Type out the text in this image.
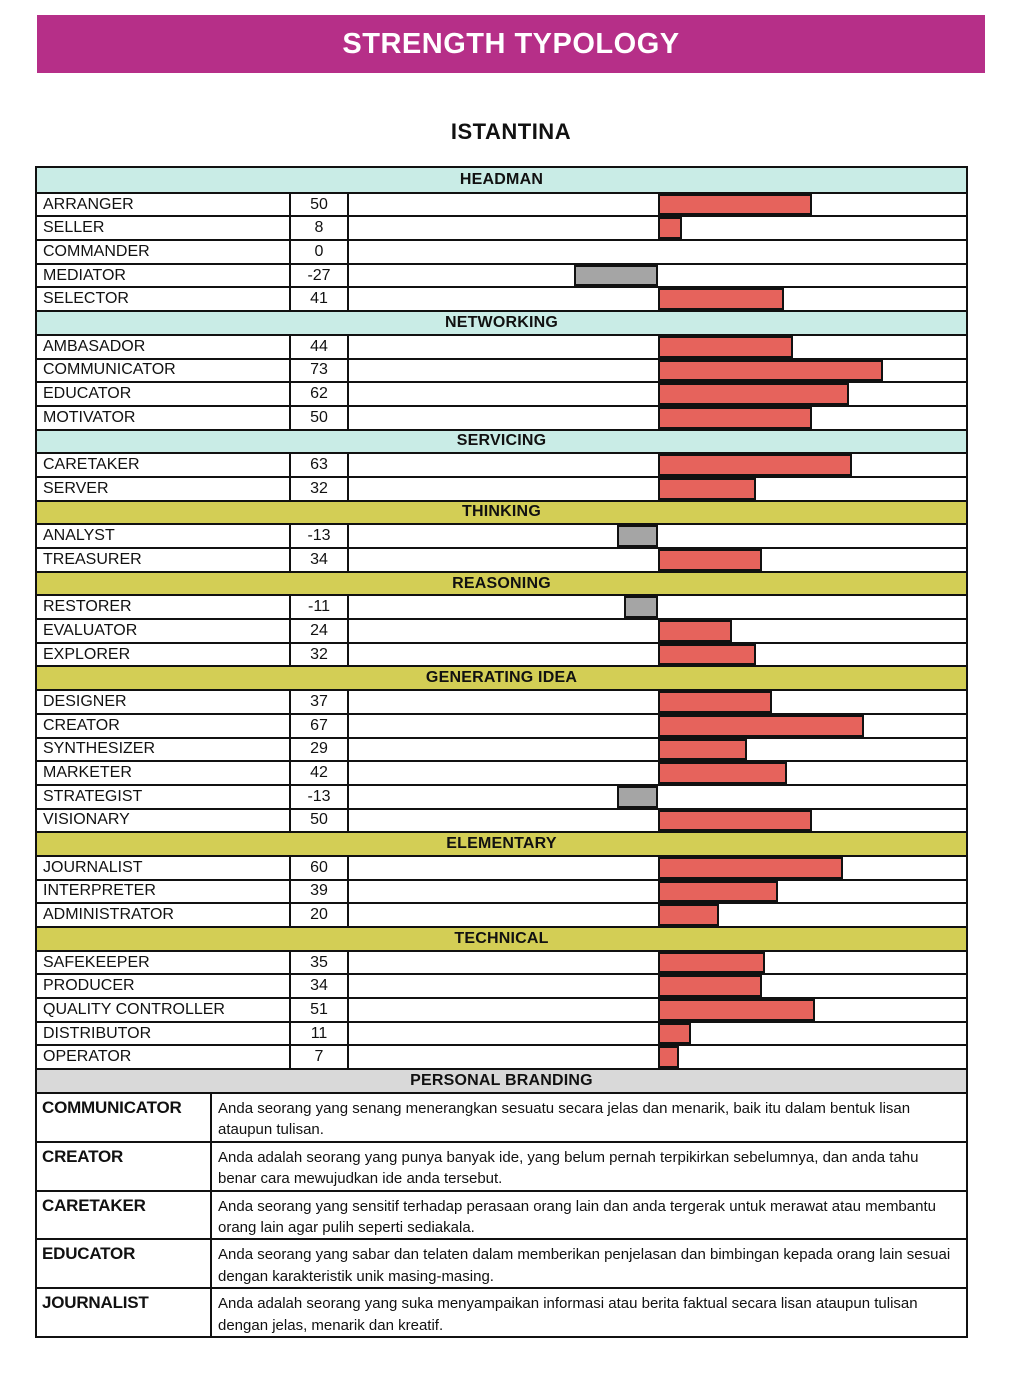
STRENGTH TYPOLOGY
ISTANTINA
HEADMAN
ARRANGER	50
SELLER	8
COMMANDER	0
MEDIATOR	-27
SELECTOR	41
NETWORKING
AMBASADOR	44
COMMUNICATOR	73
EDUCATOR	62
MOTIVATOR	50
SERVICING
CARETAKER	63
SERVER	32
THINKING
ANALYST	-13
TREASURER	34
REASONING
RESTORER	-11
EVALUATOR	24
EXPLORER	32
GENERATING IDEA
DESIGNER	37
CREATOR	67
SYNTHESIZER	29
MARKETER	42
STRATEGIST	-13
VISIONARY	50
ELEMENTARY
JOURNALIST	60
INTERPRETER	39
ADMINISTRATOR	20
TECHNICAL
SAFEKEEPER	35
PRODUCER	34
QUALITY CONTROLLER	51
DISTRIBUTOR	11
OPERATOR	7
PERSONAL BRANDING
COMMUNICATOR	Anda seorang yang senang menerangkan sesuatu secara jelas dan menarik, baik itu dalam bentuk lisan ataupun tulisan.
CREATOR	Anda adalah seorang yang punya banyak ide, yang belum pernah terpikirkan sebelumnya, dan anda tahu benar cara mewujudkan ide anda tersebut.
CARETAKER	Anda seorang yang sensitif terhadap perasaan orang lain dan anda tergerak untuk merawat atau membantu orang lain agar pulih seperti sediakala.
EDUCATOR	Anda seorang yang sabar dan telaten dalam memberikan penjelasan dan bimbingan kepada orang lain sesuai dengan karakteristik unik masing-masing.
JOURNALIST	Anda adalah seorang yang suka menyampaikan informasi atau berita faktual secara lisan ataupun tulisan dengan jelas, menarik dan kreatif.
